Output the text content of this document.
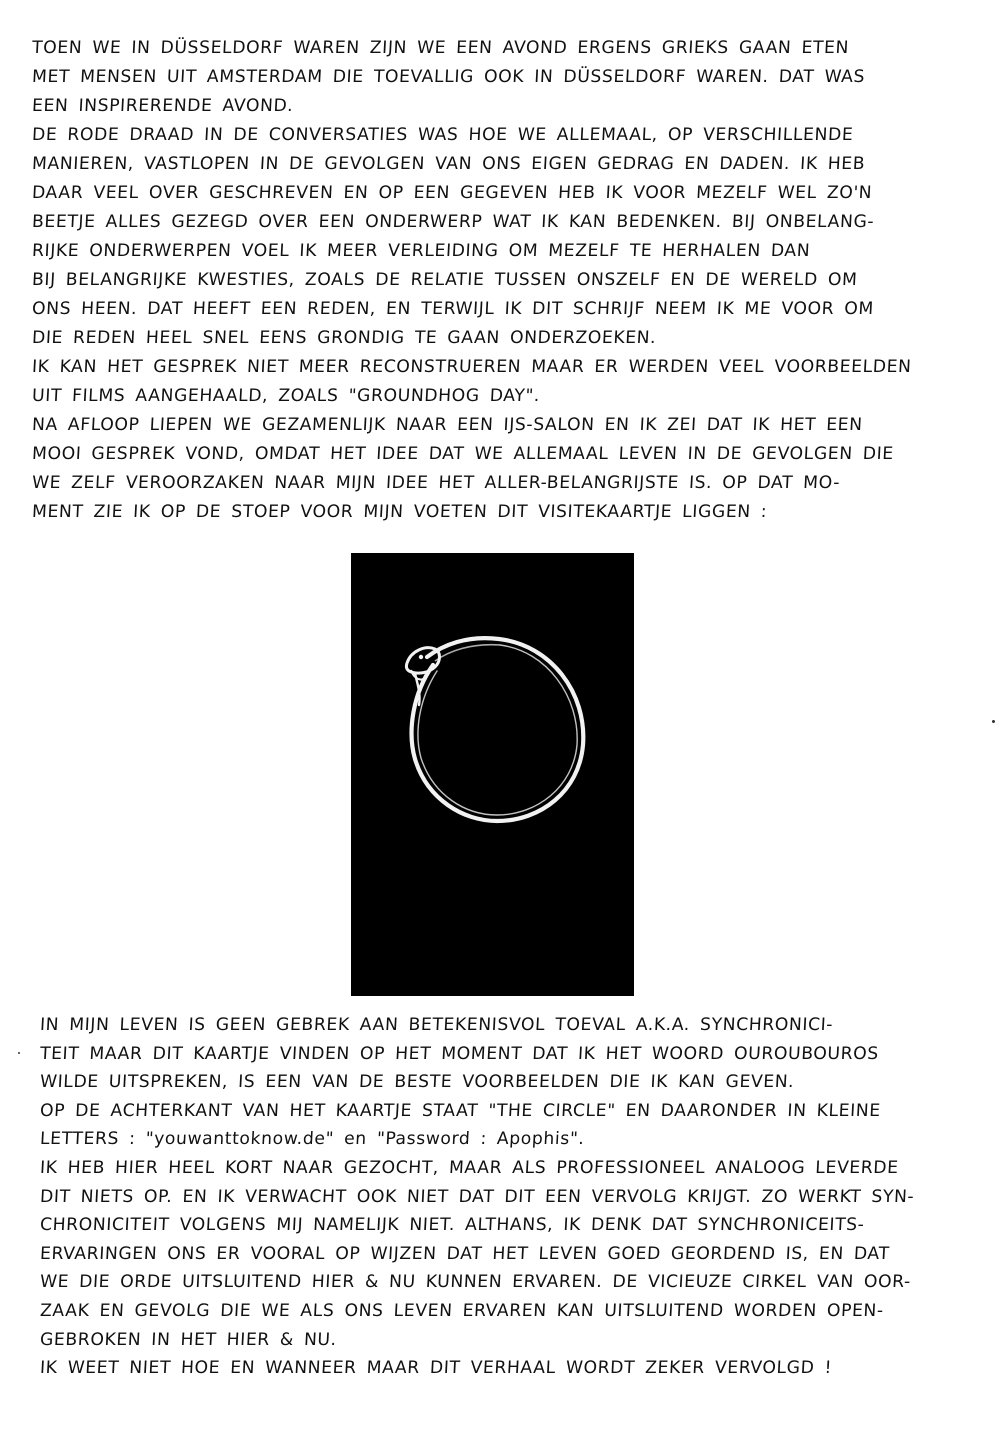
TOEN WE IN DÜSSELDORF WAREN ZIJN WE EEN AVOND ERGENS GRIEKS GAAN ETEN
MET MENSEN UIT AMSTERDAM DIE TOEVALLIG OOK IN DÜSSELDORF WAREN. DAT WAS
EEN INSPIRERENDE AVOND.
DE RODE DRAAD IN DE CONVERSATIES WAS HOE WE ALLEMAAL, OP VERSCHILLENDE
MANIEREN, VASTLOPEN IN DE GEVOLGEN VAN ONS EIGEN GEDRAG EN DADEN. IK HEB
DAAR VEEL OVER GESCHREVEN EN OP EEN GEGEVEN HEB IK VOOR MEZELF WEL ZO'N
BEETJE ALLES GEZEGD OVER EEN ONDERWERP WAT IK KAN BEDENKEN. BIJ ONBELANG-
RIJKE ONDERWERPEN VOEL IK MEER VERLEIDING OM MEZELF TE HERHALEN DAN
BIJ BELANGRIJKE KWESTIES, ZOALS DE RELATIE TUSSEN ONSZELF EN DE WERELD OM
ONS HEEN. DAT HEEFT EEN REDEN, EN TERWIJL IK DIT SCHRIJF NEEM IK ME VOOR OM
DIE REDEN HEEL SNEL EENS GRONDIG TE GAAN ONDERZOEKEN.
IK KAN HET GESPREK NIET MEER RECONSTRUEREN MAAR ER WERDEN VEEL VOORBEELDEN
UIT FILMS AANGEHAALD, ZOALS "GROUNDHOG DAY".
NA AFLOOP LIEPEN WE GEZAMENLIJK NAAR EEN IJS-SALON EN IK ZEI DAT IK HET EEN
MOOI GESPREK VOND, OMDAT HET IDEE DAT WE ALLEMAAL LEVEN IN DE GEVOLGEN DIE
WE ZELF VEROORZAKEN NAAR MIJN IDEE HET ALLER-BELANGRIJSTE IS. OP DAT MO-
MENT ZIE IK OP DE STOEP VOOR MIJN VOETEN DIT VISITEKAARTJE LIGGEN :
IN MIJN LEVEN IS GEEN GEBREK AAN BETEKENISVOL TOEVAL A.K.A. SYNCHRONICI-
TEIT MAAR DIT KAARTJE VINDEN OP HET MOMENT DAT IK HET WOORD OUROUBOUROS
WILDE UITSPREKEN, IS EEN VAN DE BESTE VOORBEELDEN DIE IK KAN GEVEN.
OP DE ACHTERKANT VAN HET KAARTJE STAAT "THE CIRCLE" EN DAARONDER IN KLEINE
LETTERS : "youwanttoknow.de" en "Password : Apophis".
IK HEB HIER HEEL KORT NAAR GEZOCHT, MAAR ALS PROFESSIONEEL ANALOOG LEVERDE
DIT NIETS OP. EN IK VERWACHT OOK NIET DAT DIT EEN VERVOLG KRIJGT. ZO WERKT SYN-
CHRONICITEIT VOLGENS MIJ NAMELIJK NIET. ALTHANS, IK DENK DAT SYNCHRONICEITS-
ERVARINGEN ONS ER VOORAL OP WIJZEN DAT HET LEVEN GOED GEORDEND IS, EN DAT
WE DIE ORDE UITSLUITEND HIER & NU KUNNEN ERVAREN. DE VICIEUZE CIRKEL VAN OOR-
ZAAK EN GEVOLG DIE WE ALS ONS LEVEN ERVAREN KAN UITSLUITEND WORDEN OPEN-
GEBROKEN IN HET HIER & NU.
IK WEET NIET HOE EN WANNEER MAAR DIT VERHAAL WORDT ZEKER VERVOLGD !
